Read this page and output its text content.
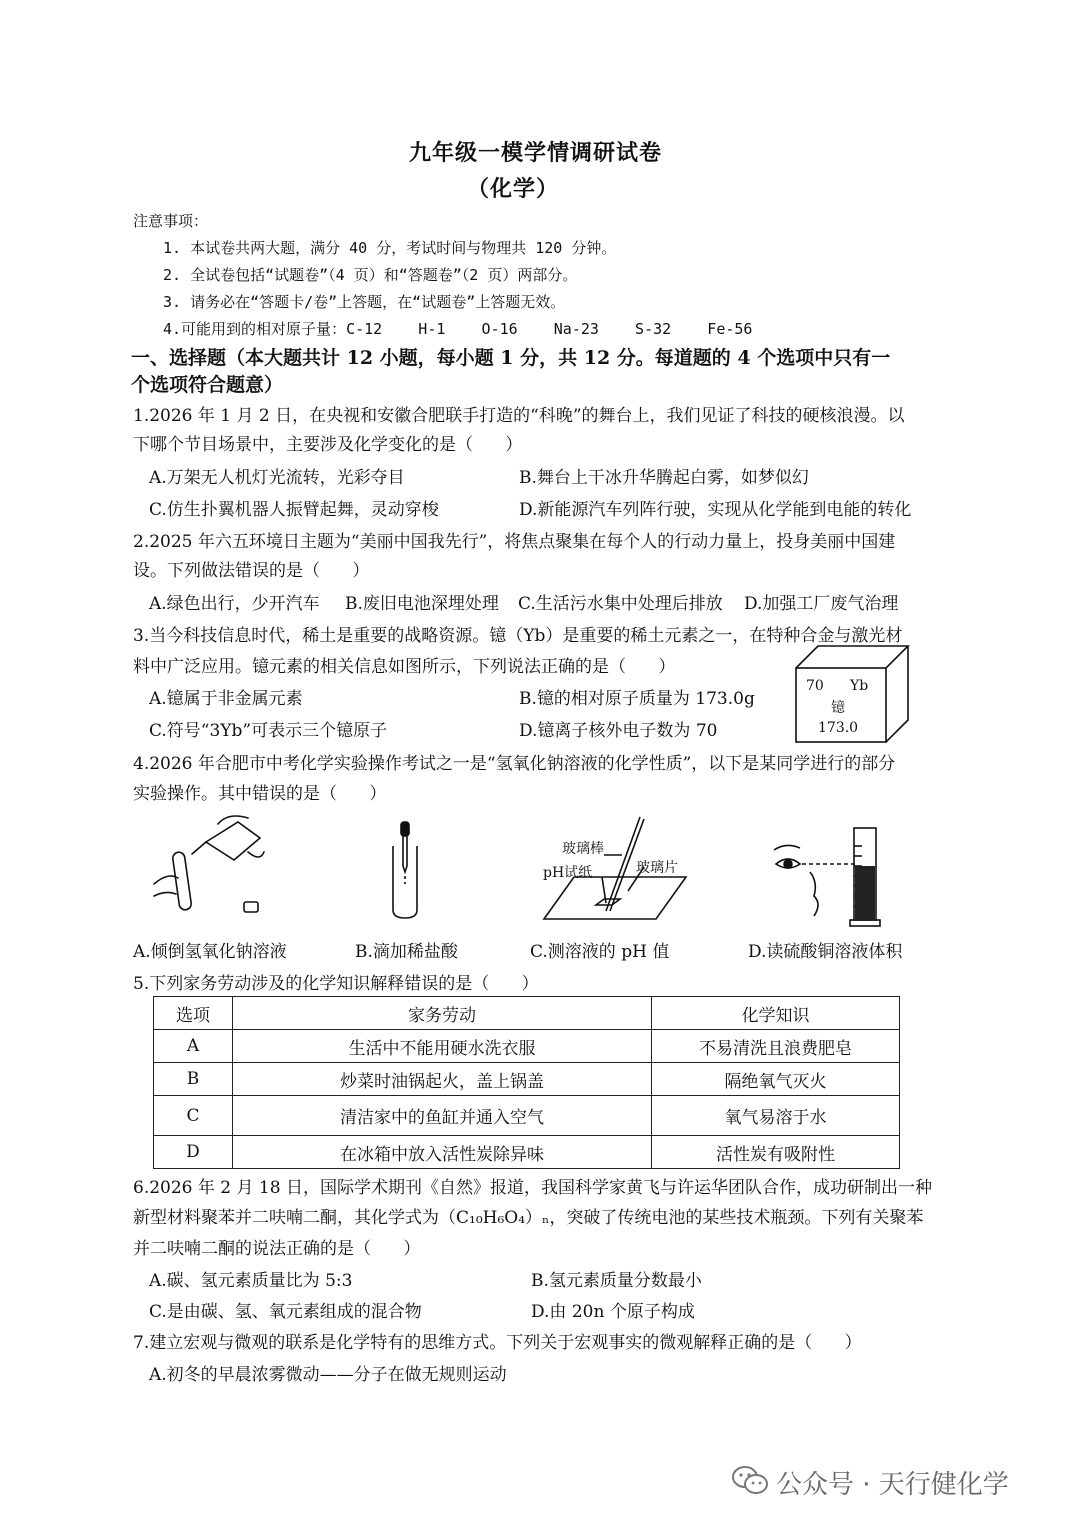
九年级一模学情调研试卷
（化学）
注意事项：
1. 本试卷共两大题，满分 40 分，考试时间与物理共 120 分钟。
2. 全试卷包括“试题卷”（4 页）和“答题卷”（2 页）两部分。
3. 请务必在“答题卡/卷”上答题，在“试题卷”上答题无效。
4.可能用到的相对原子量：C-12    H-1    O-16    Na-23    S-32    Fe-56
一、选择题（本大题共计 12 小题，每小题 1 分，共 12 分。每道题的 4 个选项中只有一
个选项符合题意）
1.2026 年 1 月 2 日，在央视和安徽合肥联手打造的“科晚”的舞台上，我们见证了科技的硬核浪漫。以
下哪个节目场景中，主要涉及化学变化的是（      ）
A.万架无人机灯光流转，光彩夺目	B.舞台上干冰升华腾起白雾，如梦似幻
C.仿生扑翼机器人振臂起舞，灵动穿梭	D.新能源汽车列阵行驶，实现从化学能到电能的转化
2.2025 年六五环境日主题为“美丽中国我先行”，将焦点聚集在每个人的行动力量上，投身美丽中国建
设。下列做法错误的是（      ）
A.绿色出行，少开汽车 B.废旧电池深埋处理 C.生活污水集中处理后排放 D.加强工厂废气治理
3.当今科技信息时代，稀土是重要的战略资源。镱（Yb）是重要的稀土元素之一，在特种合金与激光材
料中广泛应用。镱元素的相关信息如图所示，下列说法正确的是（      ）
A.镱属于非金属元素	B.镱的相对原子质量为 173.0g
C.符号“3Yb”可表示三个镱原子	D.镱离子核外电子数为 70
70 Yb
镱
173.0
4.2026 年合肥市中考化学实验操作考试之一是“氢氧化钠溶液的化学性质”，以下是某同学进行的部分
实验操作。其中错误的是（      ）
玻璃棒
pH试纸	玻璃片
A.倾倒氢氧化钠溶液	B.滴加稀盐酸	C.测溶液的 pH 值	D.读硫酸铜溶液体积
5.下列家务劳动涉及的化学知识解释错误的是（      ）
选项	家务劳动	化学知识
A	生活中不能用硬水洗衣服	不易清洗且浪费肥皂
B	炒菜时油锅起火，盖上锅盖	隔绝氧气灭火
C	清洁家中的鱼缸并通入空气	氧气易溶于水
D	在冰箱中放入活性炭除异味	活性炭有吸附性
6.2026 年 2 月 18 日，国际学术期刊《自然》报道，我国科学家黄飞与许运华团队合作，成功研制出一种
新型材料聚苯并二呋喃二酮，其化学式为（C₁₀H₆O₄）ₙ，突破了传统电池的某些技术瓶颈。下列有关聚苯
并二呋喃二酮的说法正确的是（      ）
A.碳、氢元素质量比为 5:3	B.氢元素质量分数最小
C.是由碳、氢、氧元素组成的混合物	D.由 20n 个原子构成
7.建立宏观与微观的联系是化学特有的思维方式。下列关于宏观事实的微观解释正确的是（      ）
A.初冬的早晨浓雾微动——分子在做无规则运动
公众号 · 天行健化学
